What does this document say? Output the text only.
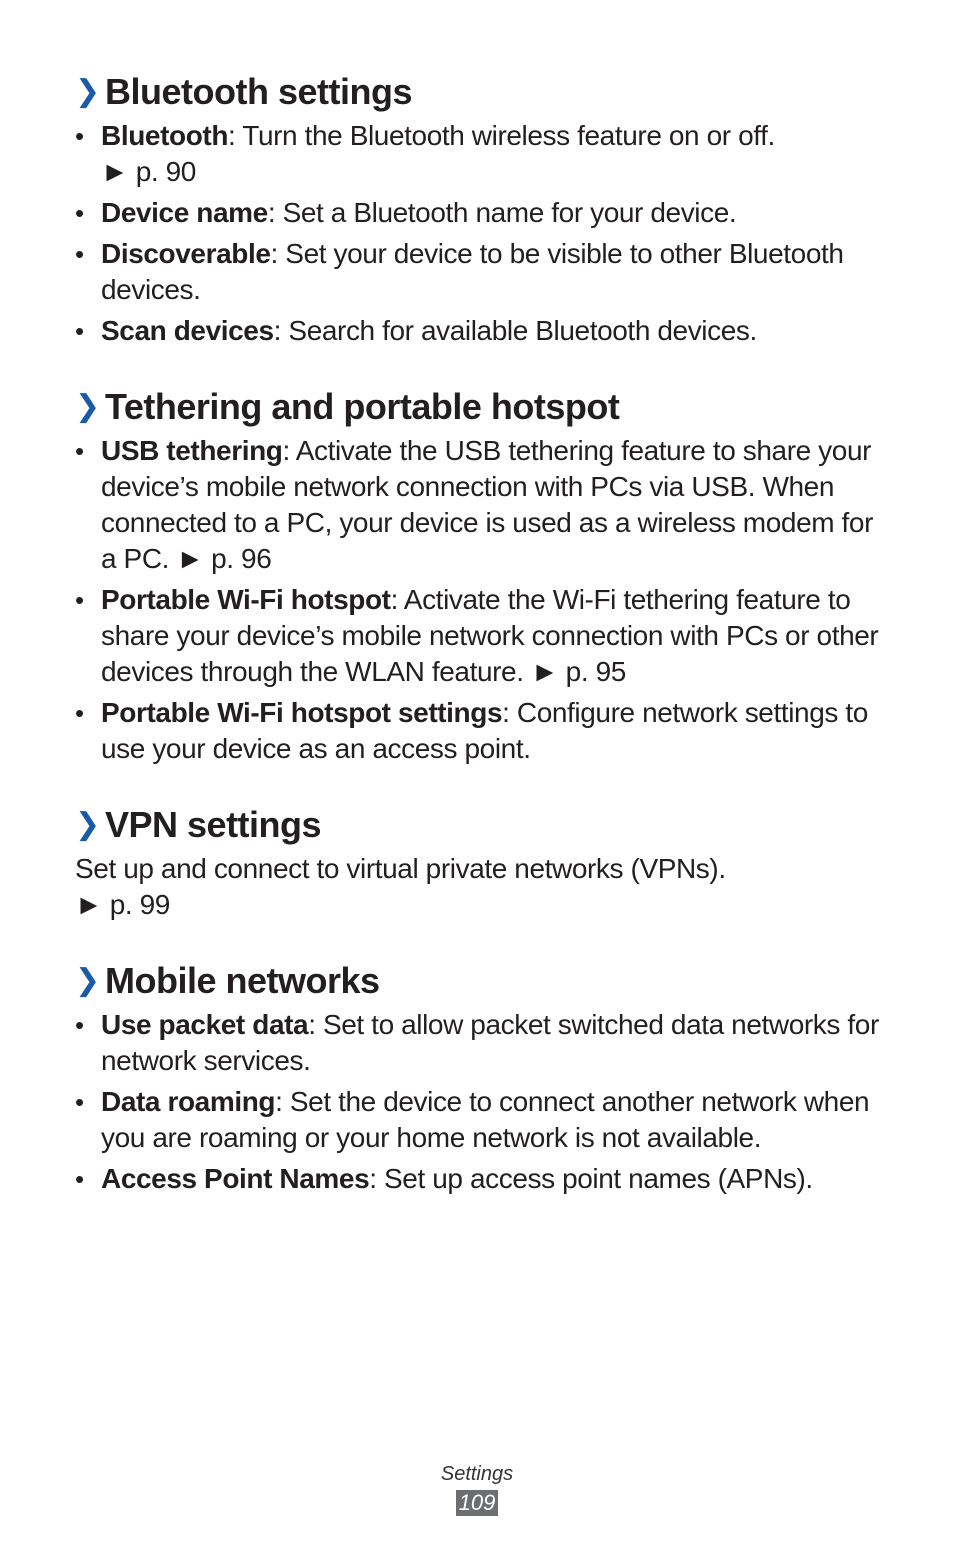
❯ Bluetooth settings
• Bluetooth: Turn the Bluetooth wireless feature on or off.
► p. 90
• Device name: Set a Bluetooth name for your device.
• Discoverable: Set your device to be visible to other Bluetooth devices.
• Scan devices: Search for available Bluetooth devices.
❯ Tethering and portable hotspot
• USB tethering: Activate the USB tethering feature to share your device’s mobile network connection with PCs via USB. When connected to a PC, your device is used as a wireless modem for a PC. ► p. 96
• Portable Wi-Fi hotspot: Activate the Wi-Fi tethering feature to share your device’s mobile network connection with PCs or other devices through the WLAN feature. ► p. 95
• Portable Wi-Fi hotspot settings: Configure network settings to use your device as an access point.
❯ VPN settings

Set up and connect to virtual private networks (VPNs).
► p. 99

❯ Mobile networks
• Use packet data: Set to allow packet switched data networks for network services.
• Data roaming: Set the device to connect another network when you are roaming or your home network is not available.
• Access Point Names: Set up access point names (APNs).
Settings
109
